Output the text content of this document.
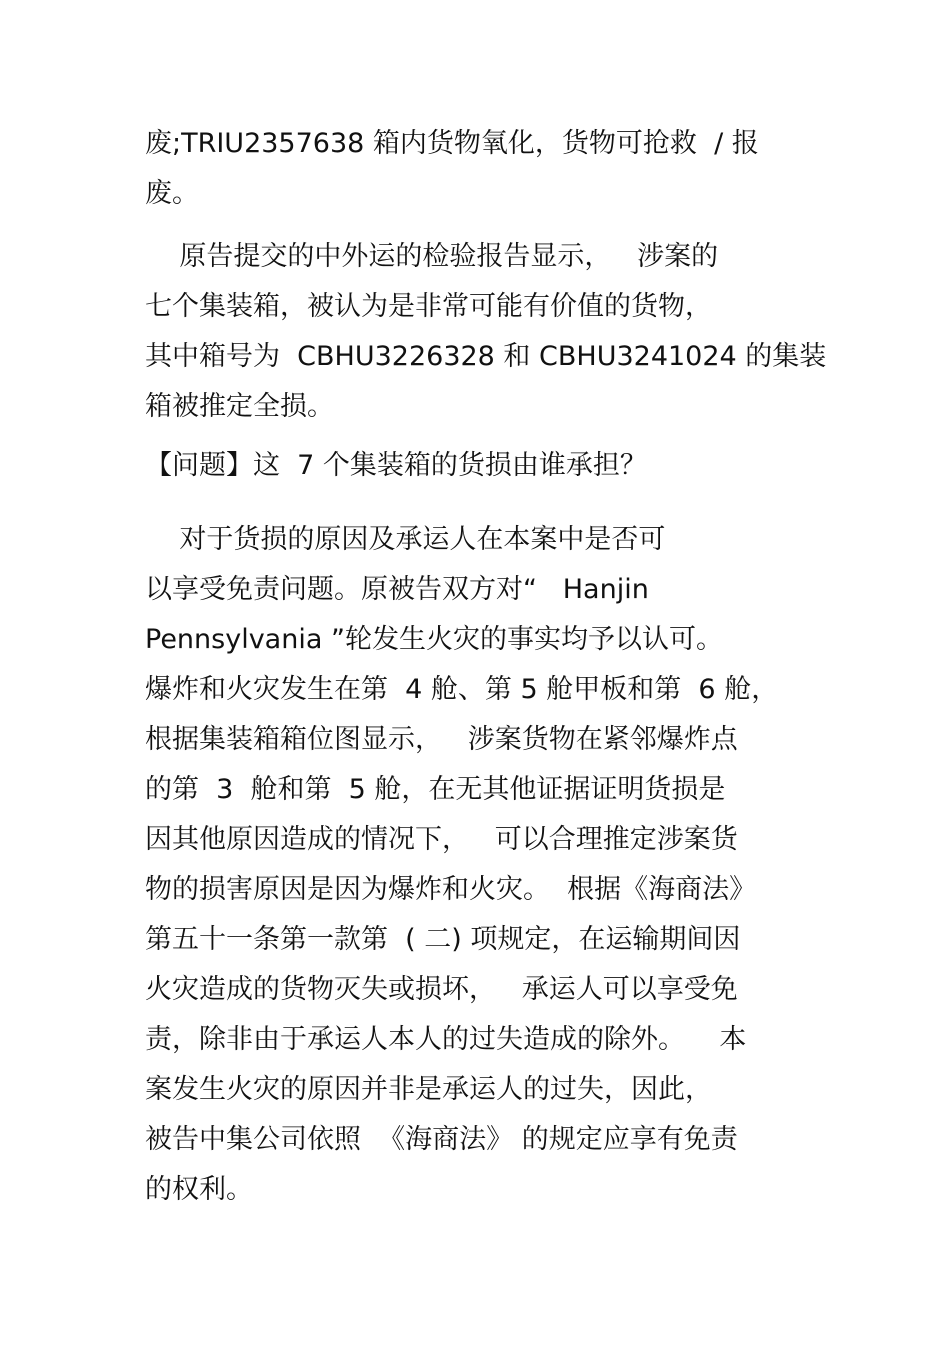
废;TRIU2357638 箱内货物氧化，货物可抢救  / 报

废。

原告提交的中外运的检验报告显示，   涉案的

七个集装箱，被认为是非常可能有价值的货物，

其中箱号为  CBHU3226328 和 CBHU3241024 的集装

箱被推定全损。

【问题】这  7 个集装箱的货损由谁承担？

对于货损的原因及承运人在本案中是否可

以享受免责问题。原被告双方对“   Hanjin

Pennsylvania ”轮发生火灾的事实均予以认可。

爆炸和火灾发生在第  4 舱、第 5 舱甲板和第  6 舱，

根据集装箱箱位图显示，   涉案货物在紧邻爆炸点

的第  3  舱和第  5 舱，在无其他证据证明货损是

因其他原因造成的情况下，   可以合理推定涉案货

物的损害原因是因为爆炸和火灾。  根据《海商法》

第五十一条第一款第  ( 二) 项规定，在运输期间因

火灾造成的货物灭失或损坏，   承运人可以享受免

责，除非由于承运人本人的过失造成的除外。    本

案发生火灾的原因并非是承运人的过失，因此，

被告中集公司依照  《海商法》 的规定应享有免责

的权利。
